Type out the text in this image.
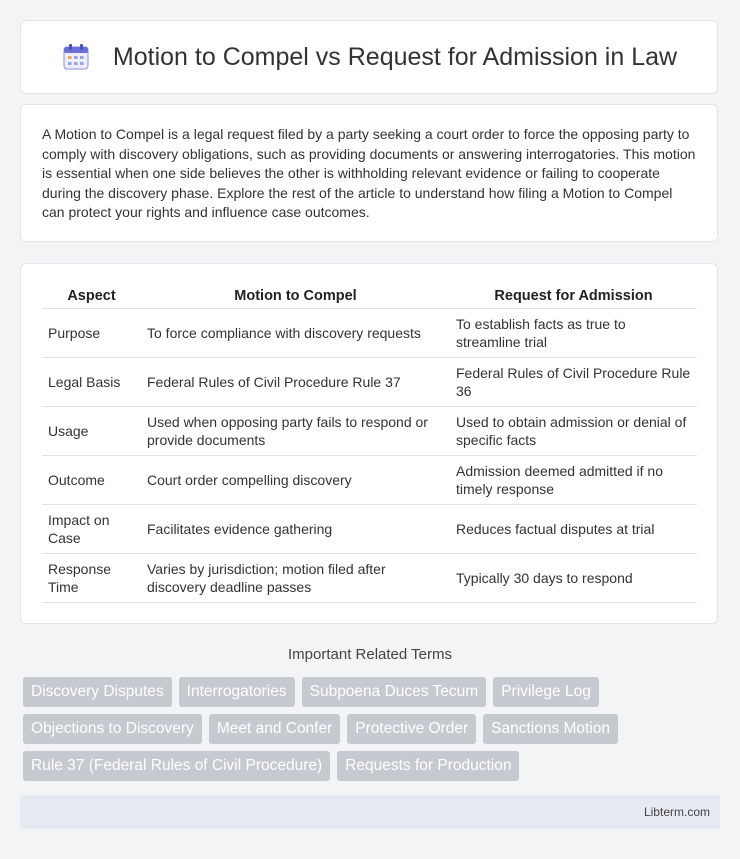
Motion to Compel vs Request for Admission in Law

A Motion to Compel is a legal request filed by a party seeking a court order to force the opposing party to comply with discovery obligations, such as providing documents or answering interrogatories. This motion is essential when one side believes the other is withholding relevant evidence or failing to cooperate during the discovery phase. Explore the rest of the article to understand how filing a Motion to Compel can protect your rights and influence case outcomes.

Aspect	Motion to Compel	Request for Admission
Purpose	To force compliance with discovery requests	To establish facts as true to streamline trial
Legal Basis	Federal Rules of Civil Procedure Rule 37	Federal Rules of Civil Procedure Rule 36
Usage	Used when opposing party fails to respond or provide documents	Used to obtain admission or denial of specific facts
Outcome	Court order compelling discovery	Admission deemed admitted if no timely response
Impact on Case	Facilitates evidence gathering	Reduces factual disputes at trial
Response Time	Varies by jurisdiction; motion filed after discovery deadline passes	Typically 30 days to respond
Important Related Terms
Discovery Disputes	Interrogatories	Subpoena Duces Tecum	Privilege Log
Objections to Discovery	Meet and Confer	Protective Order	Sanctions Motion
Rule 37 (Federal Rules of Civil Procedure)	Requests for Production
Libterm.com
